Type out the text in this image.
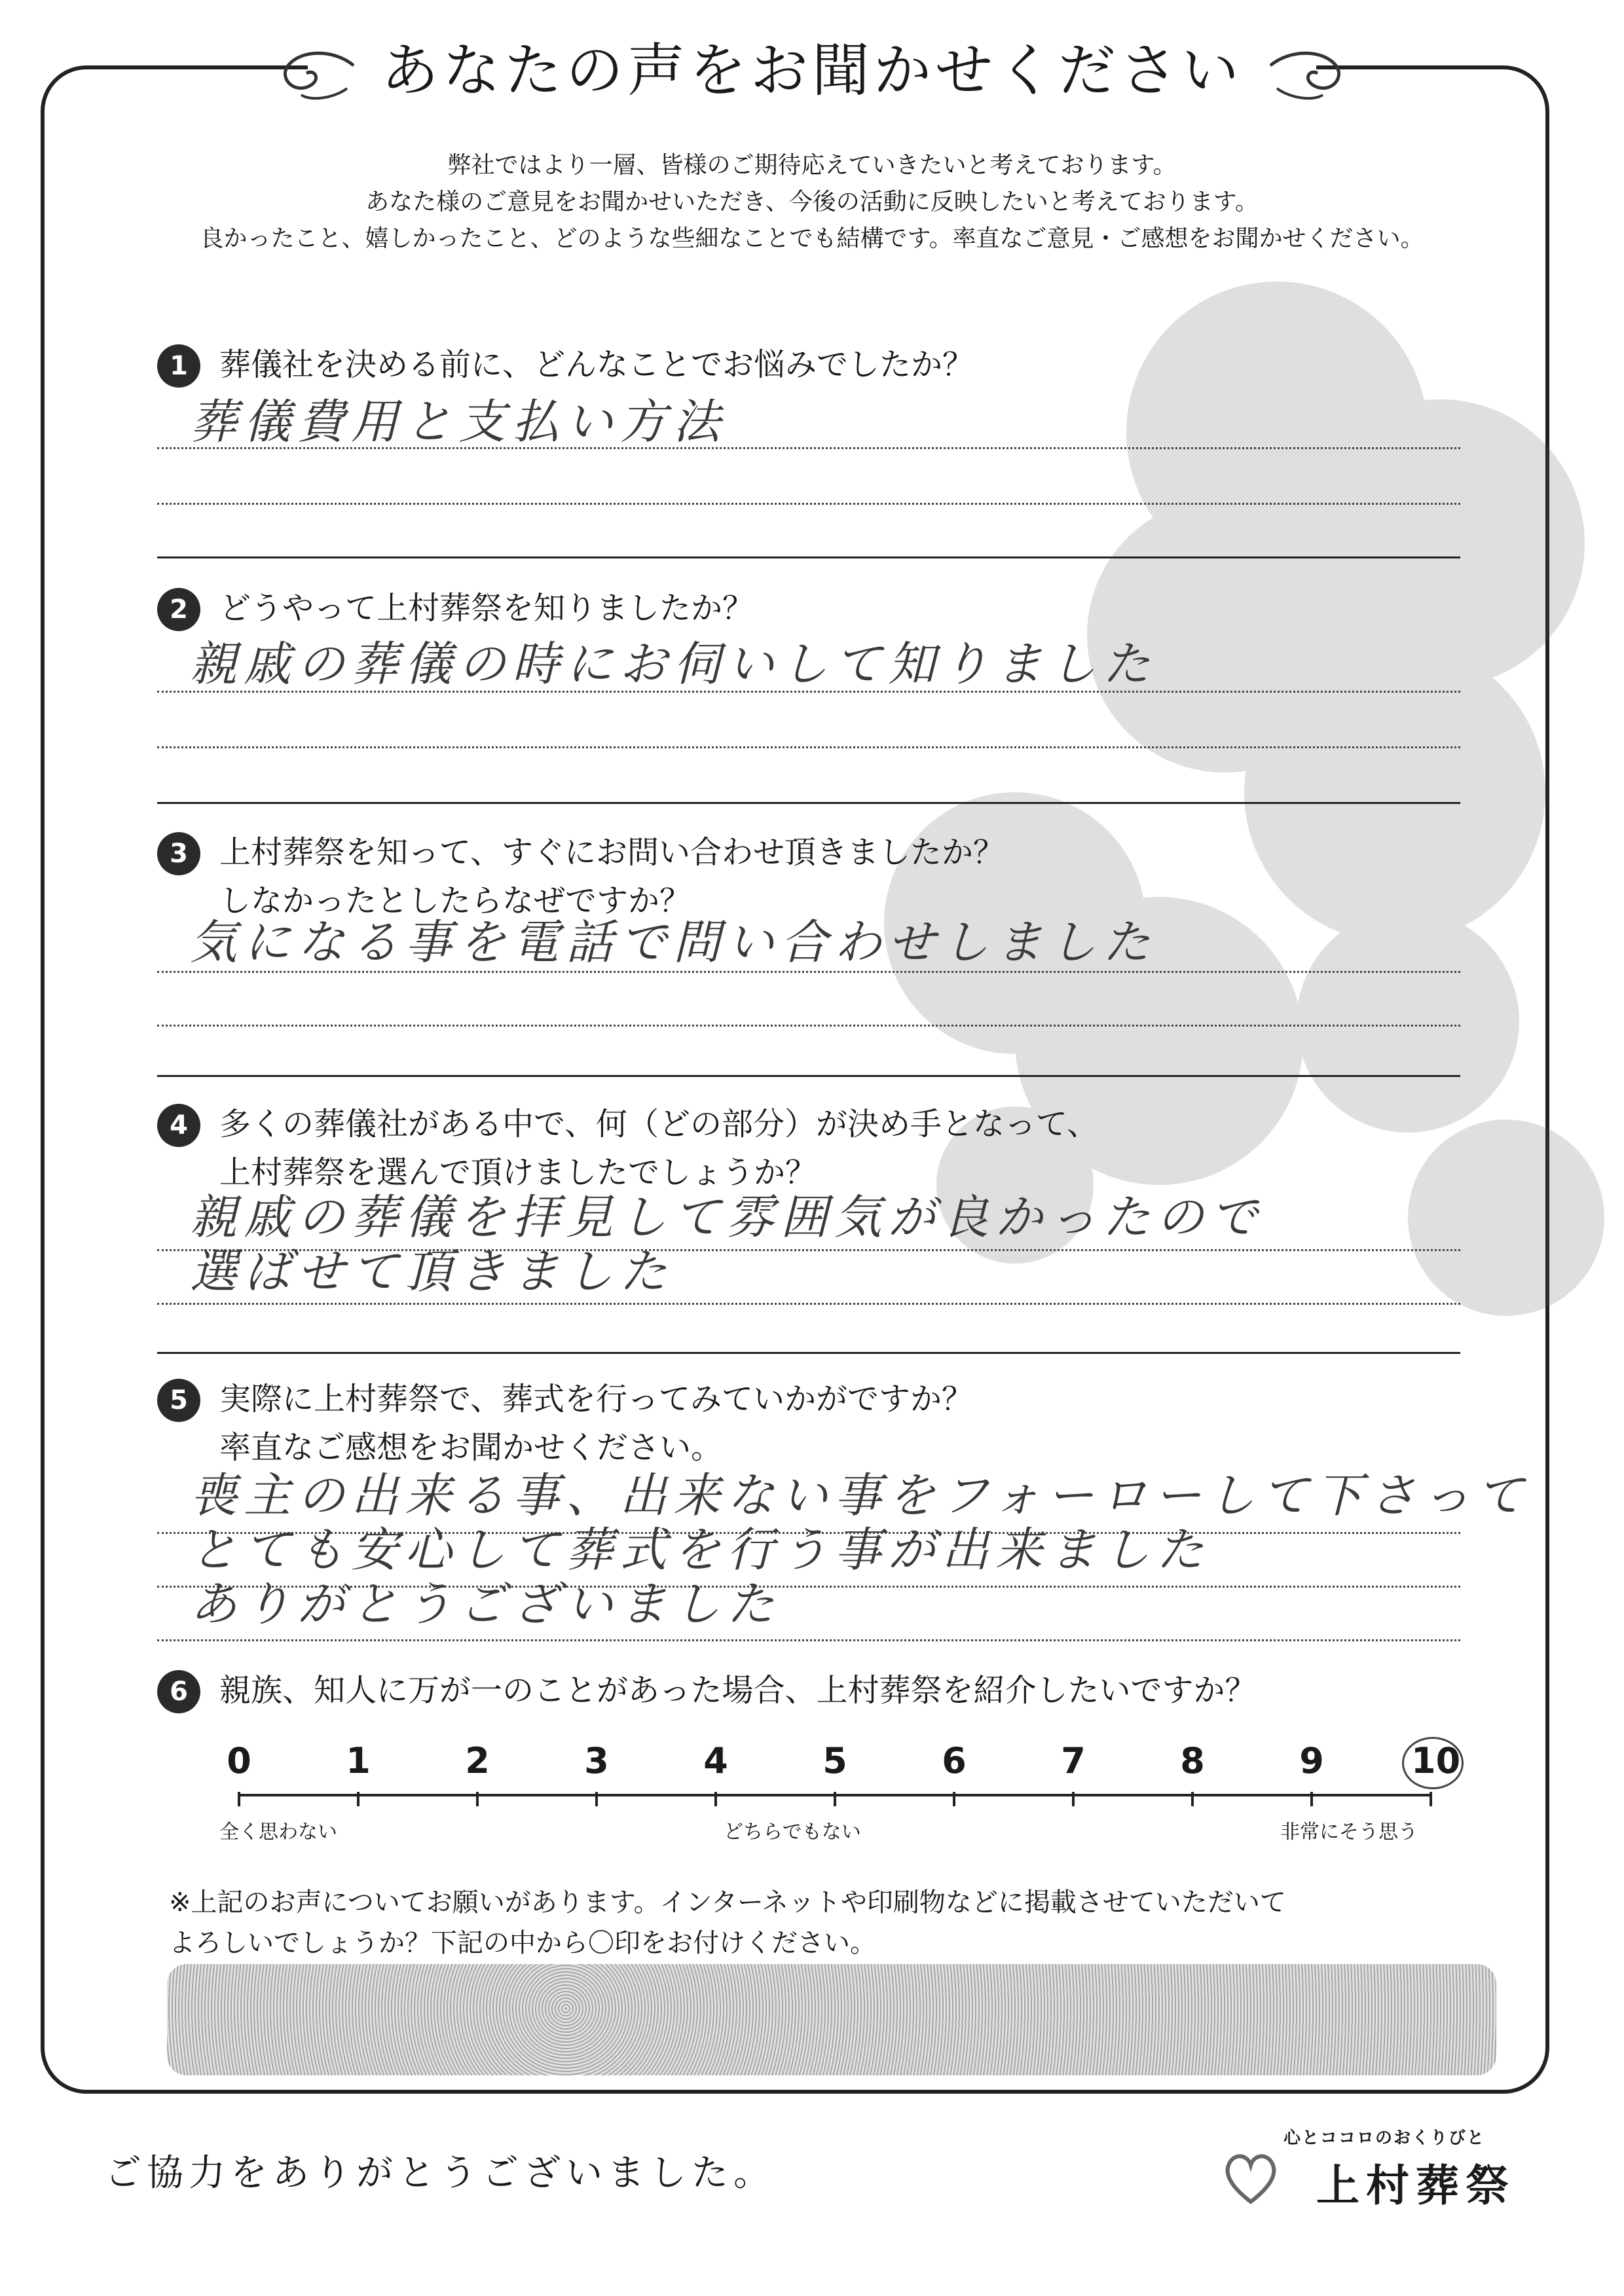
あなたの声をお聞かせください
弊社ではより一層、皆様のご期待応えていきたいと考えております。
あなた様のご意見をお聞かせいただき、今後の活動に反映したいと考えております。
良かったこと、嬉しかったこと、どのような些細なことでも結構です。率直なご意見・ご感想をお聞かせください。
1	葬儀社を決める前に、どんなことでお悩みでしたか？
葬儀費用と支払い方法
2	どうやって上村葬祭を知りましたか？
親戚の葬儀の時にお伺いして知りました
3	上村葬祭を知って、すぐにお問い合わせ頂きましたか？
しなかったとしたらなぜですか？
気になる事を電話で問い合わせしました
4	多くの葬儀社がある中で、何（どの部分）が決め手となって、
上村葬祭を選んで頂けましたでしょうか？
親戚の葬儀を拝見して雰囲気が良かったので
選ばせて頂きました
5	実際に上村葬祭で、葬式を行ってみていかがですか？
率直なご感想をお聞かせください。
喪主の出来る事、出来ない事をフォーローして下さって
とても安心して葬式を行う事が出来ました
ありがとうございました
6	親族、知人に万が一のことがあった場合、上村葬祭を紹介したいですか？
0	1	2	3	4	5	6	7	8	9 10
全く思わない	どちらでもない	非常にそう思う
※上記のお声についてお願いがあります。インターネットや印刷物などに掲載させていただいて
よろしいでしょうか？下記の中から〇印をお付けください。
ご協力をありがとうございました。
心とココロのおくりびと
上村葬祭
